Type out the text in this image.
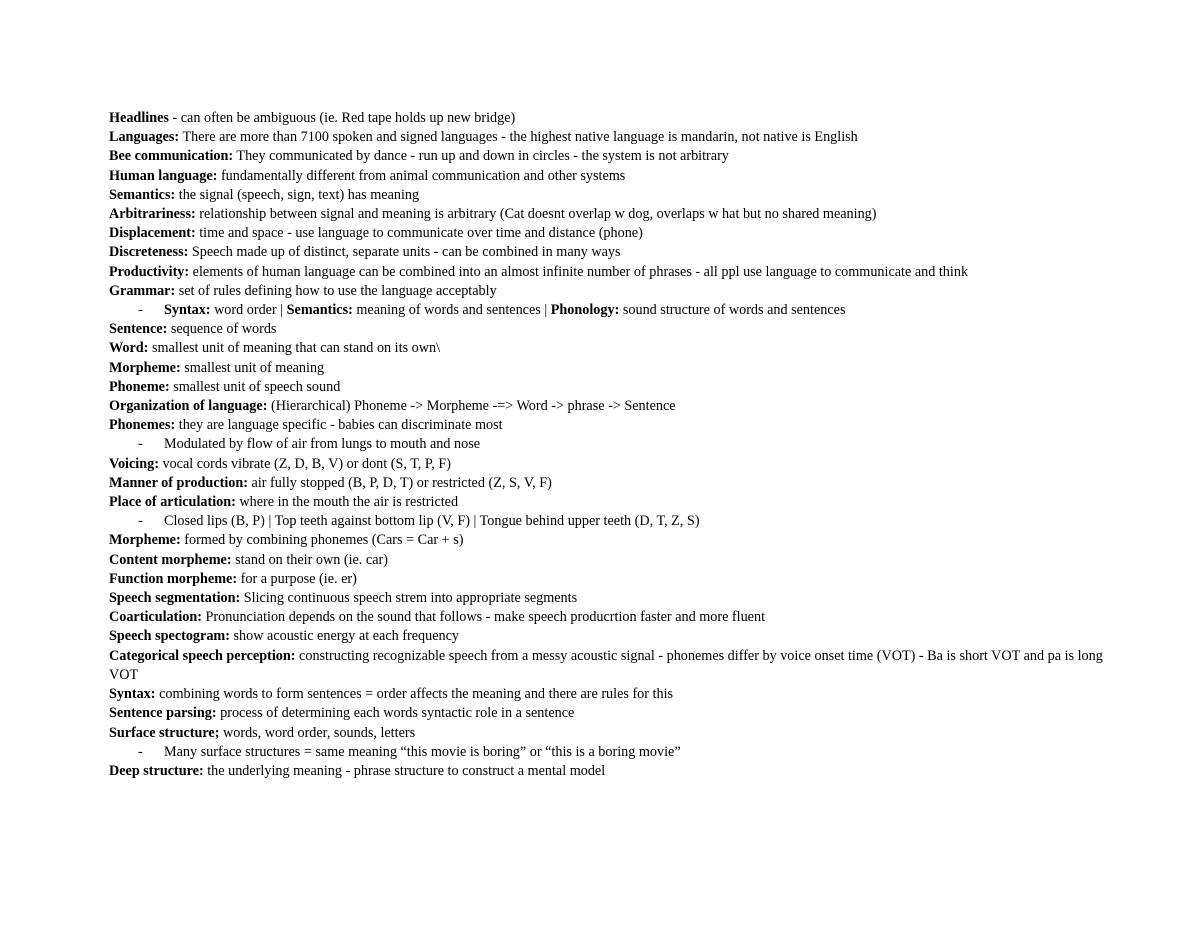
Headlines - can often be ambiguous (ie. Red tape holds up new bridge)
Languages: There are more than 7100 spoken and signed languages - the highest native language is mandarin, not native is English
Bee communication: They communicated by dance - run up and down in circles - the system is not arbitrary
Human language: fundamentally different from animal communication and other systems
Semantics: the signal (speech, sign, text) has meaning
Arbitrariness: relationship between signal and meaning is arbitrary (Cat doesnt overlap w dog, overlaps w hat but no shared meaning)
Displacement: time and space - use language to communicate over time and distance (phone)
Discreteness: Speech made up of distinct, separate units - can be combined in many ways
Productivity: elements of human language can be combined into an almost infinite number of phrases - all ppl use language to communicate and think
Grammar: set of rules defining how to use the language acceptably
- Syntax: word order | Semantics: meaning of words and sentences | Phonology: sound structure of words and sentences
Sentence: sequence of words
Word: smallest unit of meaning that can stand on its own\
Morpheme: smallest unit of meaning
Phoneme: smallest unit of speech sound
Organization of language: (Hierarchical) Phoneme -> Morpheme -=> Word -> phrase -> Sentence
Phonemes: they are language specific - babies can discriminate most
- Modulated by flow of air from lungs to mouth and nose
Voicing: vocal cords vibrate (Z, D, B, V) or dont (S, T, P, F)
Manner of production: air fully stopped (B, P, D, T) or restricted (Z, S, V, F)
Place of articulation: where in the mouth the air is restricted
- Closed lips (B, P) | Top teeth against bottom lip (V, F) | Tongue behind upper teeth (D, T, Z, S)
Morpheme: formed by combining phonemes (Cars = Car + s)
Content morpheme: stand on their own (ie. car)
Function morpheme: for a purpose (ie. er)
Speech segmentation: Slicing continuous speech strem into appropriate segments
Coarticulation: Pronunciation depends on the sound that follows - make speech producrtion faster and more fluent
Speech spectogram: show acoustic energy at each frequency
Categorical speech perception: constructing recognizable speech from a messy acoustic signal - phonemes differ by voice onset time (VOT) - Ba is short VOT and pa is long VOT
Syntax: combining words to form sentences = order affects the meaning and there are rules for this
Sentence parsing: process of determining each words syntactic role in a sentence
Surface structure; words, word order, sounds, letters
- Many surface structures = same meaning “this movie is boring” or “this is a boring movie”
Deep structure: the underlying meaning - phrase structure to construct a mental model
